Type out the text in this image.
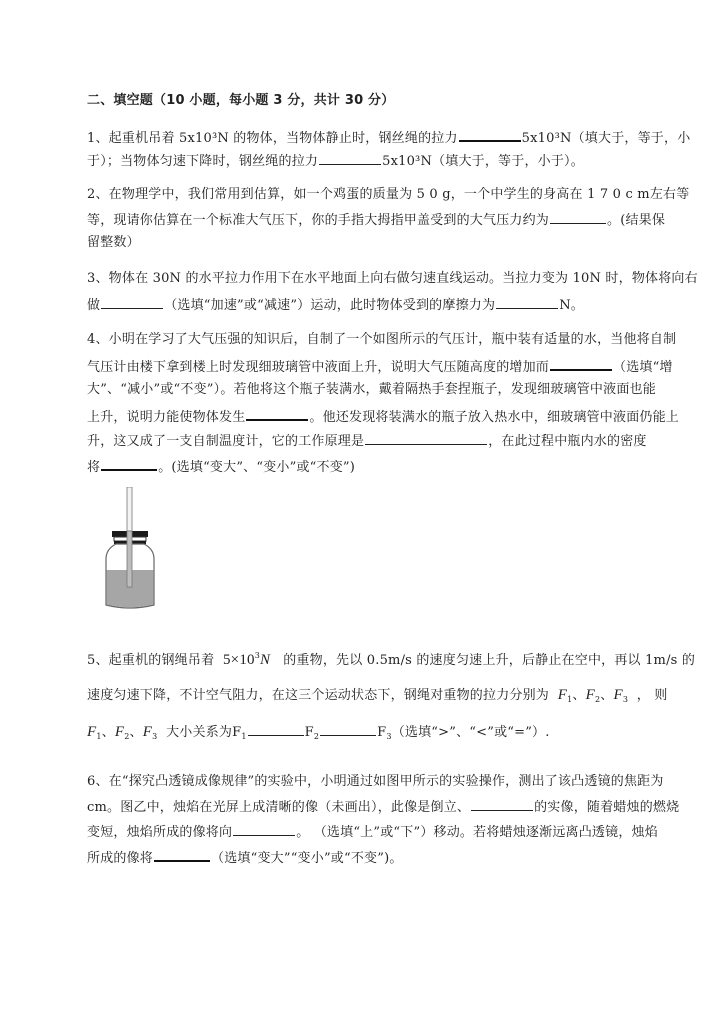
二、填空题（10 小题，每小题 3 分，共计 30 分）
1、起重机吊着 5x10³N 的物体，当物体静止时，钢丝绳的拉力	5x10³N（填大于，等于，小
于）；当物体匀速下降时，钢丝绳的拉力	5x10³N（填大于，等于，小于）。
2、在物理学中，我们常用到估算，如一个鸡蛋的质量为 5 0 g，一个中学生的身高在 1 7 0 c m左右等
等，现请你估算在一个标准大气压下，你的手指大拇指甲盖受到的大气压力约为	。(结果保
留整数）
3、物体在 30N 的水平拉力作用下在水平地面上向右做匀速直线运动。当拉力变为 10N 时，物体将向右
做	（选填“加速”或“减速”）运动，此时物体受到的摩擦力为	N。
4、小明在学习了大气压强的知识后，自制了一个如图所示的气压计，瓶中装有适量的水，当他将自制
气压计由楼下拿到楼上时发现细玻璃管中液面上升，说明大气压随高度的增加而	（选填“增
大”、“减小”或“不变”）。若他将这个瓶子装满水，戴着隔热手套捏瓶子，发现细玻璃管中液面也能
上升，说明力能使物体发生	。他还发现将装满水的瓶子放入热水中，细玻璃管中液面仍能上
升，这又成了一支自制温度计，它的工作原理是	，在此过程中瓶内水的密度
将	。(选填“变大”、“变小”或“不变”)
5、起重机的钢绳吊着 $5\times 10^3N$ 的重物，先以 0.5m/s 的速度匀速上升，后静止在空中，再以 1m/s 的
速度匀速下降，不计空气阻力，在这三个运动状态下，钢绳对重物的拉力分别为 $F_1$、$F_2$、$F_3$ ， 则
$F_1$、$F_2$、$F_3$ 大小关系为$F_1$	$F_2$	$F_3$（选填“>”、“<”或“=”）.
6、在“探究凸透镜成像规律”的实验中，小明通过如图甲所示的实验操作，测出了该凸透镜的焦距为
cm。图乙中，烛焰在光屏上成清晰的像（未画出），此像是倒立、	的实像，随着蜡烛的燃烧
变短，烛焰所成的像将向	。 （选填“上”或“下”）移动。若将蜡烛逐渐远离凸透镜，烛焰
所成的像将	（选填“变大”“变小”或“不变”)。
